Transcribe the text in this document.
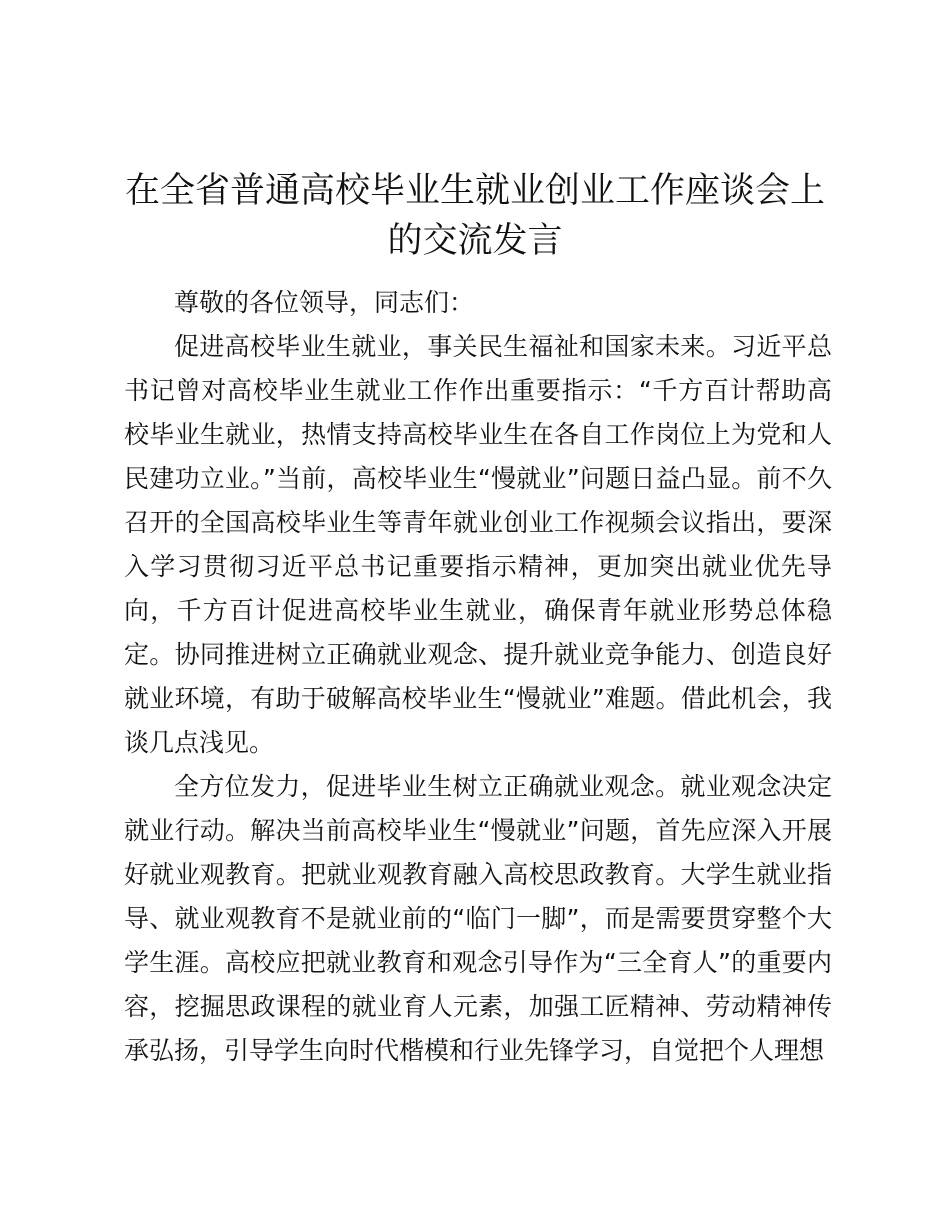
在全省普通高校毕业生就业创业工作座谈会上的交流发言

尊敬的各位领导，同志们：

促进高校毕业生就业，事关民生福祉和国家未来。习近平总书记曾对高校毕业生就业工作作出重要指示：“千方百计帮助高校毕业生就业，热情支持高校毕业生在各自工作岗位上为党和人民建功立业。”当前，高校毕业生“慢就业”问题日益凸显。前不久召开的全国高校毕业生等青年就业创业工作视频会议指出，要深入学习贯彻习近平总书记重要指示精神，更加突出就业优先导向，千方百计促进高校毕业生就业，确保青年就业形势总体稳定。协同推进树立正确就业观念、提升就业竞争能力、创造良好就业环境，有助于破解高校毕业生“慢就业”难题。借此机会，我谈几点浅见。

全方位发力，促进毕业生树立正确就业观念。就业观念决定就业行动。解决当前高校毕业生“慢就业”问题，首先应深入开展好就业观教育。把就业观教育融入高校思政教育。大学生就业指导、就业观教育不是就业前的“临门一脚”，而是需要贯穿整个大学生涯。高校应把就业教育和观念引导作为“三全育人”的重要内容，挖掘思政课程的就业育人元素，加强工匠精神、劳动精神传承弘扬，引导学生向时代楷模和行业先锋学习，自觉把个人理想
